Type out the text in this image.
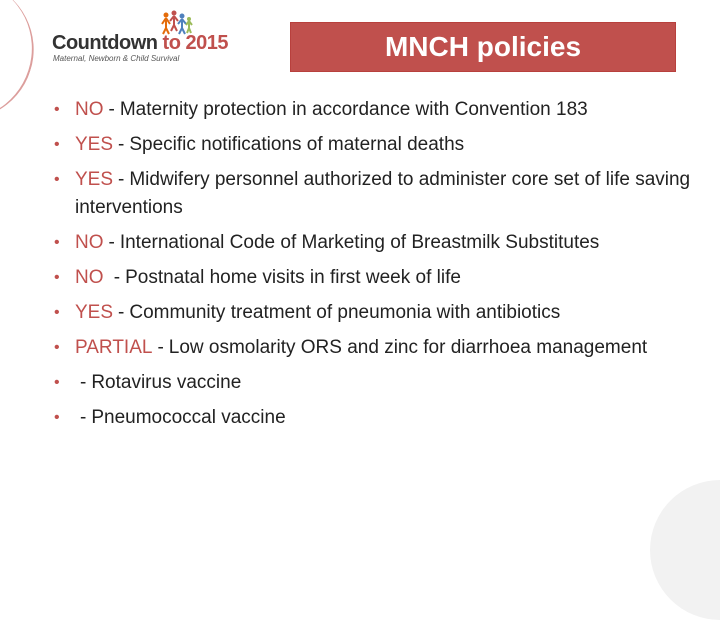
Countdown to 2015
Maternal, Newborn & Child Survival	MNCH policies
• NO - Maternity protection in accordance with Convention 183
• YES - Specific notifications of maternal deaths
• YES - Midwifery personnel authorized to administer core set of life saving interventions
• NO - International Code of Marketing of Breastmilk Substitutes
• NO - Postnatal home visits in first week of life
• YES - Community treatment of pneumonia with antibiotics
• PARTIAL - Low osmolarity ORS and zinc for diarrhoea management
• - Rotavirus vaccine
• - Pneumococcal vaccine
